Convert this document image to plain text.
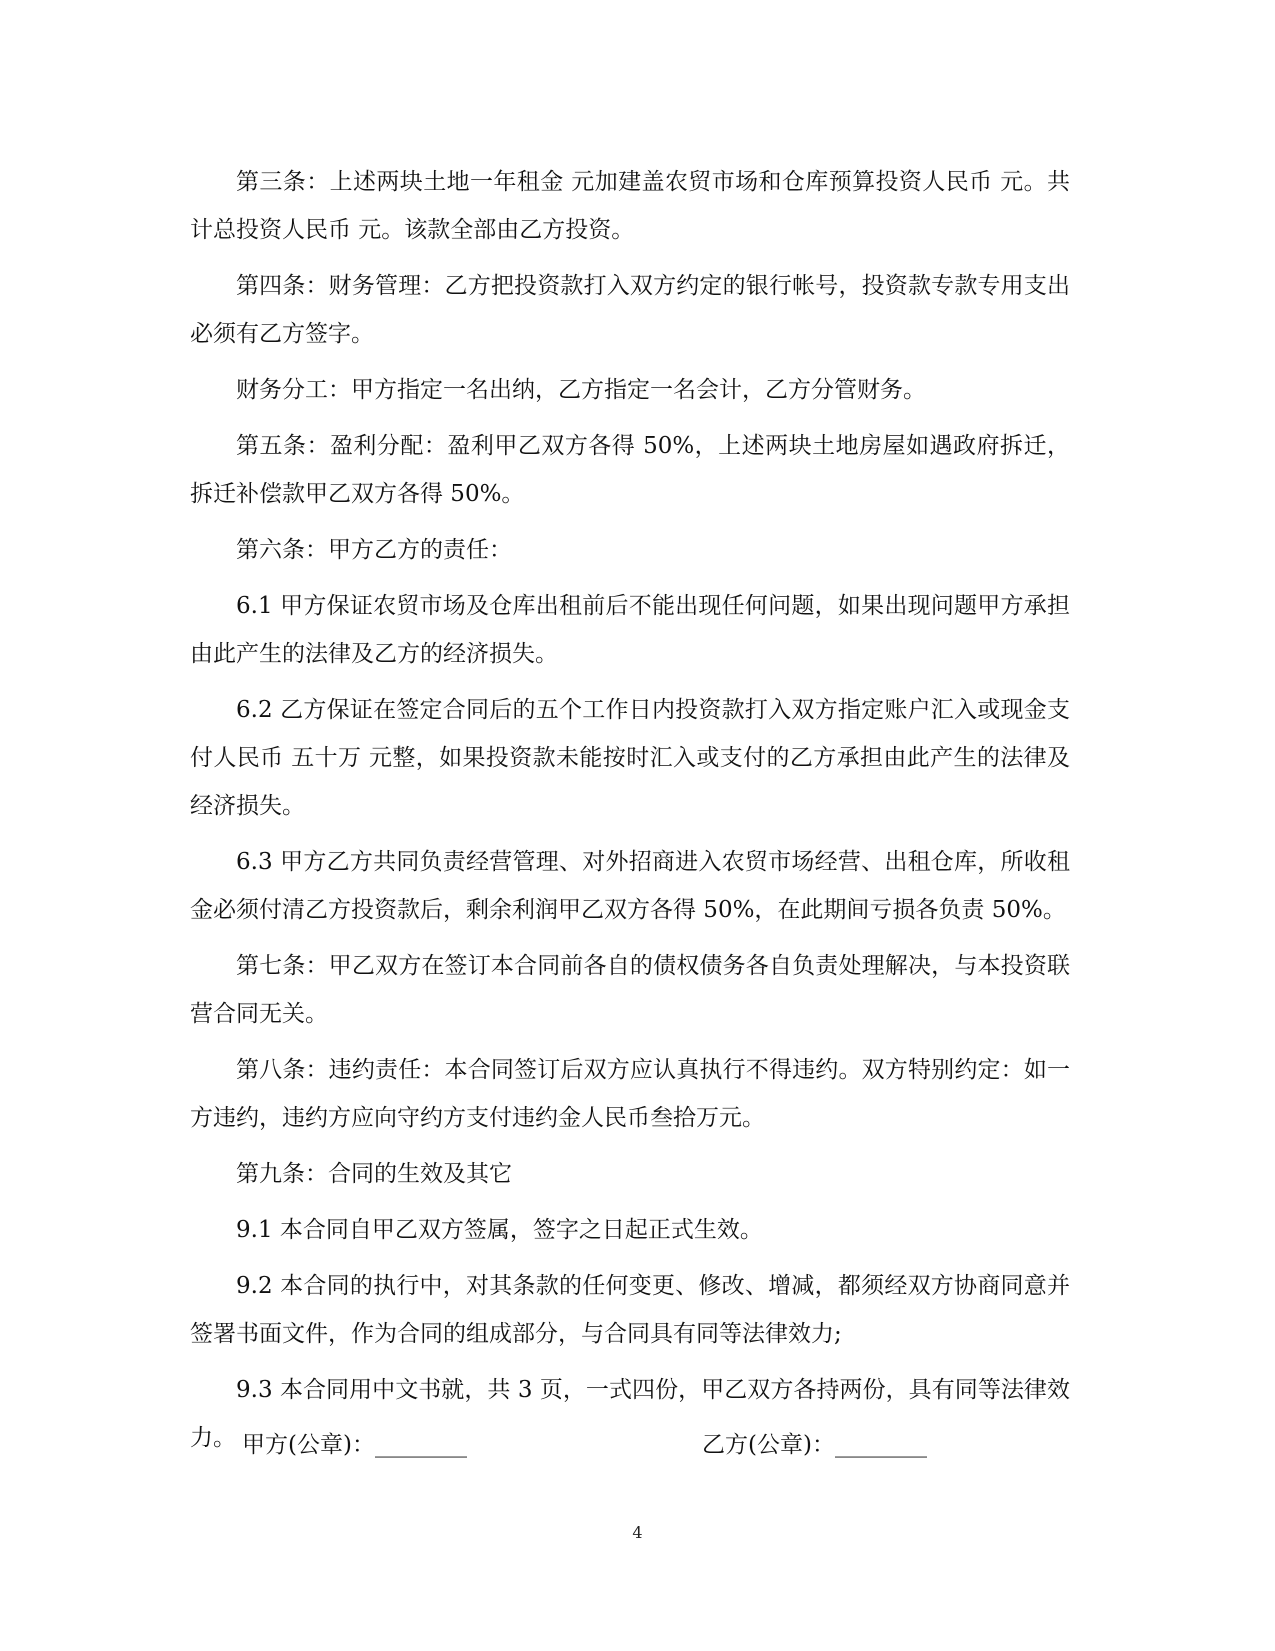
第三条：上述两块土地一年租金 元加建盖农贸市场和仓库预算投资人民币 元。共计总投资人民币 元。该款全部由乙方投资。

第四条：财务管理：乙方把投资款打入双方约定的银行帐号，投资款专款专用支出必须有乙方签字。

财务分工：甲方指定一名出纳，乙方指定一名会计，乙方分管财务。

第五条：盈利分配：盈利甲乙双方各得 50%，上述两块土地房屋如遇政府拆迁，拆迁补偿款甲乙双方各得 50%。

第六条：甲方乙方的责任：

6.1 甲方保证农贸市场及仓库出租前后不能出现任何问题，如果出现问题甲方承担由此产生的法律及乙方的经济损失。

6.2 乙方保证在签定合同后的五个工作日内投资款打入双方指定账户汇入或现金支付人民币 五十万 元整，如果投资款未能按时汇入或支付的乙方承担由此产生的法律及经济损失。

6.3 甲方乙方共同负责经营管理、对外招商进入农贸市场经营、出租仓库，所收租金必须付清乙方投资款后，剩余利润甲乙双方各得 50%，在此期间亏损各负责 50%。

第七条：甲乙双方在签订本合同前各自的债权债务各自负责处理解决，与本投资联营合同无关。

第八条：违约责任：本合同签订后双方应认真执行不得违约。双方特别约定：如一方违约，违约方应向守约方支付违约金人民币叁拾万元。

第九条：合同的生效及其它

9.1 本合同自甲乙双方签属，签字之日起正式生效。

9.2 本合同的执行中，对其条款的任何变更、修改、增减，都须经双方协商同意并签署书面文件，作为合同的组成部分，与合同具有同等法律效力;

9.3 本合同用中文书就，共 3 页，一式四份，甲乙双方各持两份，具有同等法律效力。 甲方(公章)：________	乙方(公章)：________
4
